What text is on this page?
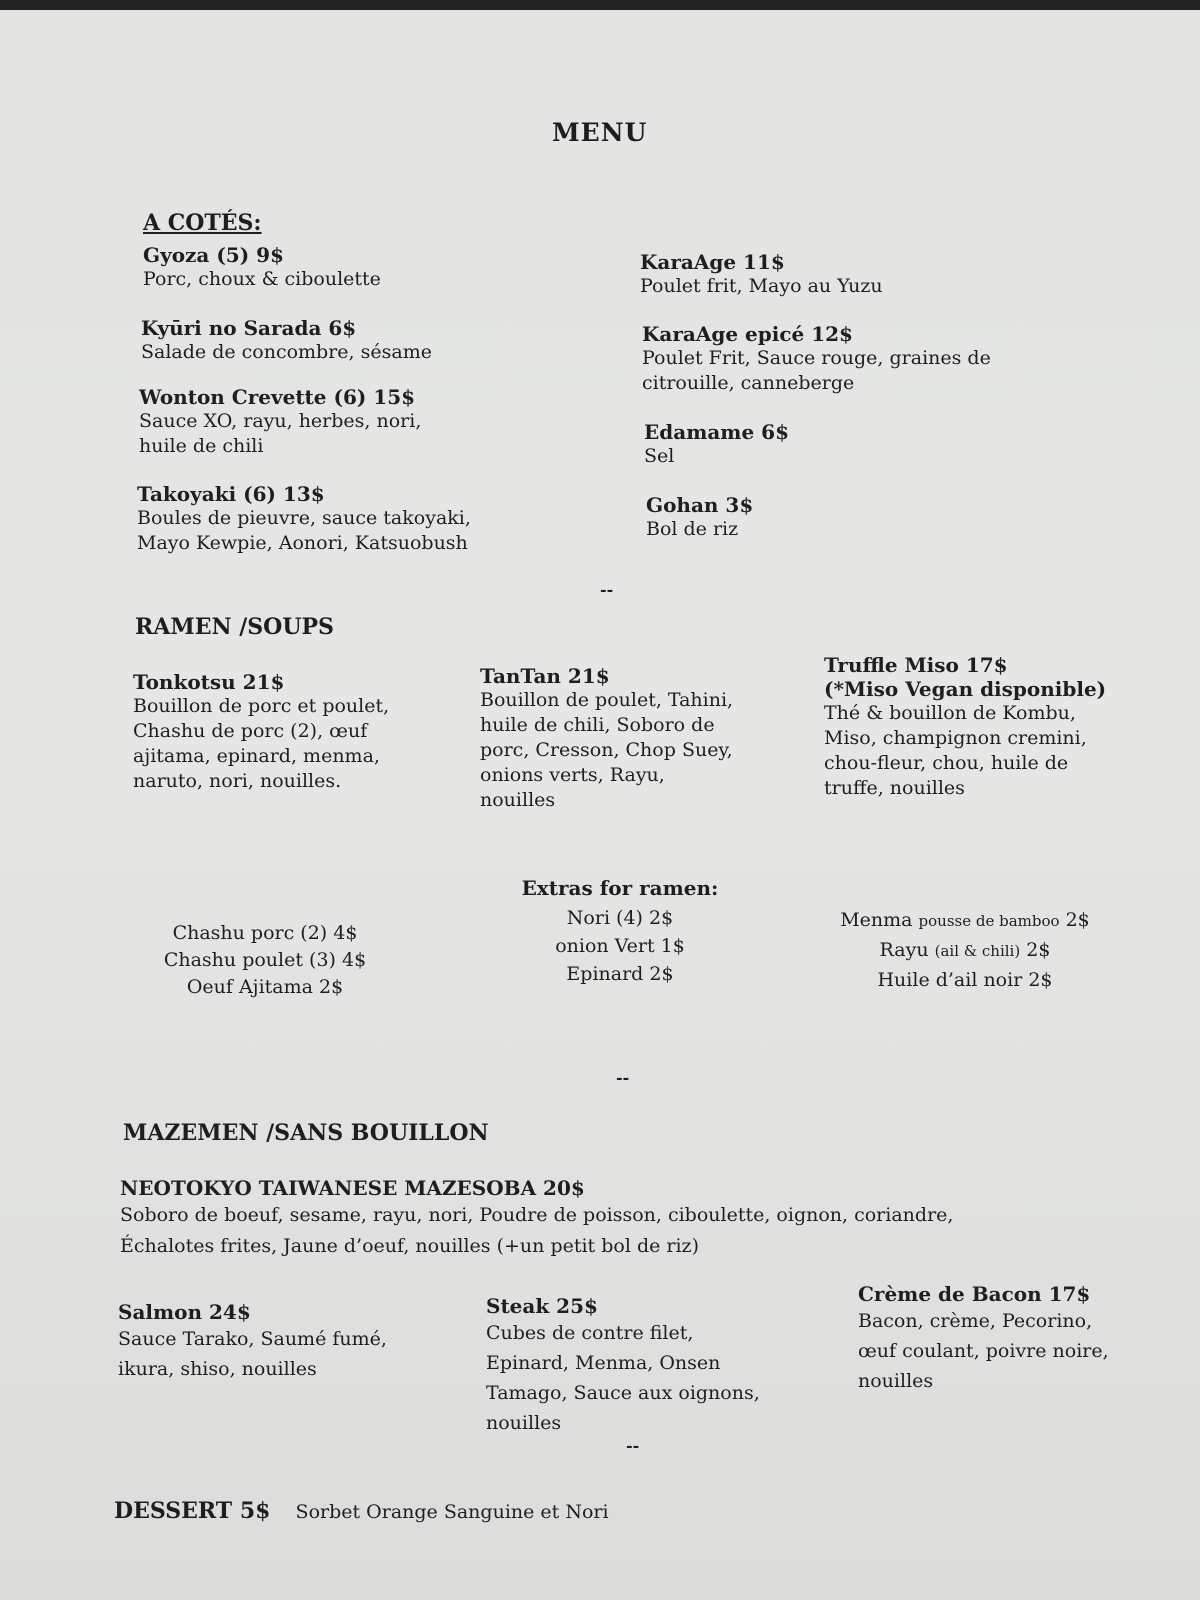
MENU
A COTÉS:
Gyoza (5) 9$
Porc, choux & ciboulette
Kyūri no Sarada 6$
Salade de concombre, sésame
Wonton Crevette (6) 15$
Sauce XO, rayu, herbes, nori,
huile de chili
Takoyaki (6) 13$
Boules de pieuvre, sauce takoyaki,
Mayo Kewpie, Aonori, Katsuobush
KaraAge 11$
Poulet frit, Mayo au Yuzu
KaraAge epicé 12$
Poulet Frit, Sauce rouge, graines de
citrouille, canneberge
Edamame 6$
Sel
Gohan 3$
Bol de riz
--
RAMEN /SOUPS
Tonkotsu 21$
Bouillon de porc et poulet,
Chashu de porc (2), œuf
ajitama, epinard, menma,
naruto, nori, nouilles.
TanTan 21$
Bouillon de poulet, Tahini,
huile de chili, Soboro de
porc, Cresson, Chop Suey,
onions verts, Rayu,
nouilles
Truffle Miso 17$
(*Miso Vegan disponible)
Thé & bouillon de Kombu,
Miso, champignon cremini,
chou-fleur, chou, huile de
truffe, nouilles
Extras for ramen:
Chashu porc (2) 4$
Chashu poulet (3) 4$
Oeuf Ajitama 2$
Nori (4) 2$
onion Vert 1$
Epinard 2$
Menma pousse de bamboo 2$
Rayu (ail & chili) 2$
Huile d’ail noir 2$
--
MAZEMEN /SANS BOUILLON
NEOTOKYO TAIWANESE MAZESOBA 20$
Soboro de boeuf, sesame, rayu, nori, Poudre de poisson, ciboulette, oignon, coriandre,
Échalotes frites, Jaune d’oeuf, nouilles (+un petit bol de riz)
Salmon 24$
Sauce Tarako, Saumé fumé,
ikura, shiso, nouilles
Steak 25$
Cubes de contre filet,
Epinard, Menma, Onsen
Tamago, Sauce aux oignons,
nouilles
Crème de Bacon 17$
Bacon, crème, Pecorino,
œuf coulant, poivre noire,
nouilles
--
DESSERT 5$ Sorbet Orange Sanguine et Nori
